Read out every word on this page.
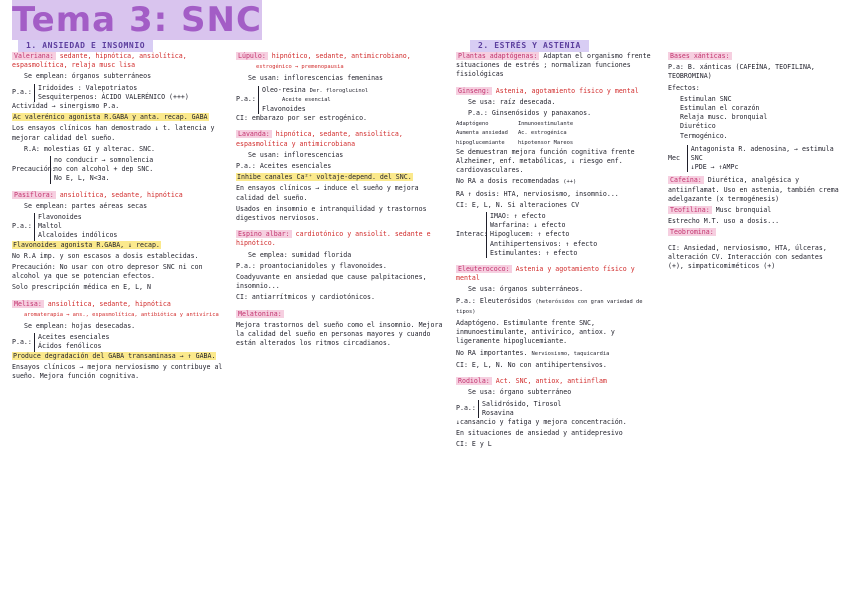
Tema 3: SNC
1. ANSIEDAD E INSOMNIO	2. ESTRÉS Y ASTENIA

Valeriana: sedante, hipnótica, ansiolítica, espasmolítica, relaja musc lisa

Se emplean: órganos subterráneos

P.a.:
Iridoides : Valepotriatos
Sesquiterpenos: ÁCIDO VALERÉNICO (+++)

Actividad → sinergismo P.a.

Ac valerénico agonista R.GABA y anta. recap. GABA

Los ensayos clínicos han demostrado ↓ t. latencia y mejorar calidad del sueño.

R.A: molestias GI y alterac. SNC.

Precaución:
no conducir → somnolencia
no con alcohol + dep SNC.
No E, L, N<3a.

Pasiflora: ansiolítica, sedante, hipnótica

Se emplean: partes aéreas secas

P.a.:
Flavonoides
Maltol
Alcaloides indólicos

Flavonoides agonista R.GABA, ↓ recap.

No R.A imp. y son escasos a dosis establecidas.

Precaución: No usar con otro depresor SNC ni con alcohol ya que se potencian efectos.

Solo prescripción médica en E, L, N

Melisa: ansiolítica, sedante, hipnótica

aromaterapia → ans., espasmolítica, antibiótica y antivírica

Se emplean: hojas desecadas.

P.a.:
Aceites esenciales
Ácidos fenólicos

Produce degradación del GABA transaminasa → ↑ GABA.

Ensayos clínicos → mejora nerviosismo y contribuye al sueño. Mejora función cognitiva.

Lúpulo: hipnótico, sedante, antimicrobiano,

estrogénico → premenopausia

Se usan: inflorescencias femeninas

P.a.:
Oleo-resina Der. floroglucinol
Aceite esencial
Flavonoides

CI: embarazo por ser estrogénico.

Lavanda: hipnótica, sedante, ansiolítica, espasmolítica y antimicrobiana

Se usan: inflorescencias

P.a.: Aceites esenciales

Inhibe canales Ca²⁺ voltaje-depend. del SNC.

En ensayos clínicos → induce el sueño y mejora calidad del sueño.

Usados en insomnio e intranquilidad y trastornos digestivos nerviosos.

Espino albar: cardiotónico y ansiolít. sedante e hipnótico.

Se emplea: sumidad florida

P.a.: proantocianidoles y flavonoides.

Coadyuvante en ansiedad que cause palpitaciones, insomnio...

CI: antiarrítmicos y cardiotónicos.

Melatonina:

Mejora trastornos del sueño como el insomnio. Mejora la calidad del sueño en personas mayores y cuando están alterados los ritmos circadianos.

Plantas adaptógenas: Adaptan el organismo frente situaciones de estrés ; normalizan funciones fisiológicas

Ginseng: Astenia, agotamiento físico y mental

Se usa: raíz desecada.

P.a.: Ginsenósidos y panaxanos.

Adaptógeno
Aumenta ansiedad
hipoglucemiante
Inmunoestimulante
Ac. estrogénica
hipotensor Mareos

Se demuestran mejora función cognitiva frente Alzheimer, enf. metabólicas, ↓ riesgo enf. cardiovasculares.

No RA a dosis recomendadas (++)

RA ↑ dosis: HTA, nerviosismo, insomnio...

CI: E, L, N. Si alteraciones CV

Interac:
IMAO: ↑ efecto
Warfarina: ↓ efecto
Hipoglucem: ↑ efecto
Antihipertensivos: ↑ efecto
Estimulantes: ↑ efecto

Eleuterococo: Astenia y agotamiento físico y mental

Se usa: órganos subterráneos.

P.a.: Eleuterósidos (heterósidos con gran variedad de tipos)

Adaptógeno. Estimulante frente SNC, inmunoestimulante, antivírico, antiox. y ligeramente hipoglucemiante.

No RA importantes. Nerviosismo, taquicardia

CI: E, L, N. No con antihipertensivos.

Rodiola: Act. SNC, antiox, antiinflam

Se usa: órgano subterráneo

P.a.:
Salidrósido, Tirosol
Rosavina

↓cansancio y fatiga y mejora concentración.

En situaciones de ansiedad y antidepresivo

CI: E y L

Bases xánticas:

P.a: B. xánticas (CAFEÍNA, TEOFILINA, TEOBROMINA)

Efectos:

Estimulan SNC
Estimulan el corazón
Relaja musc. bronquial
Diurético
Termogénico.
Mec
Antagonista R. adenosina, → estimula SNC
↓PDE → ↑AMPc

Cafeína: Diurética, analgésica y antiinflamat. Uso en astenia, también crema adelgazante (x termogénesis)

Teofilina: Musc bronquial

Estrecho M.T. uso a dosis...

Teobromina:

CI: Ansiedad, nerviosismo, HTA, úlceras, alteración CV. Interacción con sedantes (+), simpaticomiméticos (+)
